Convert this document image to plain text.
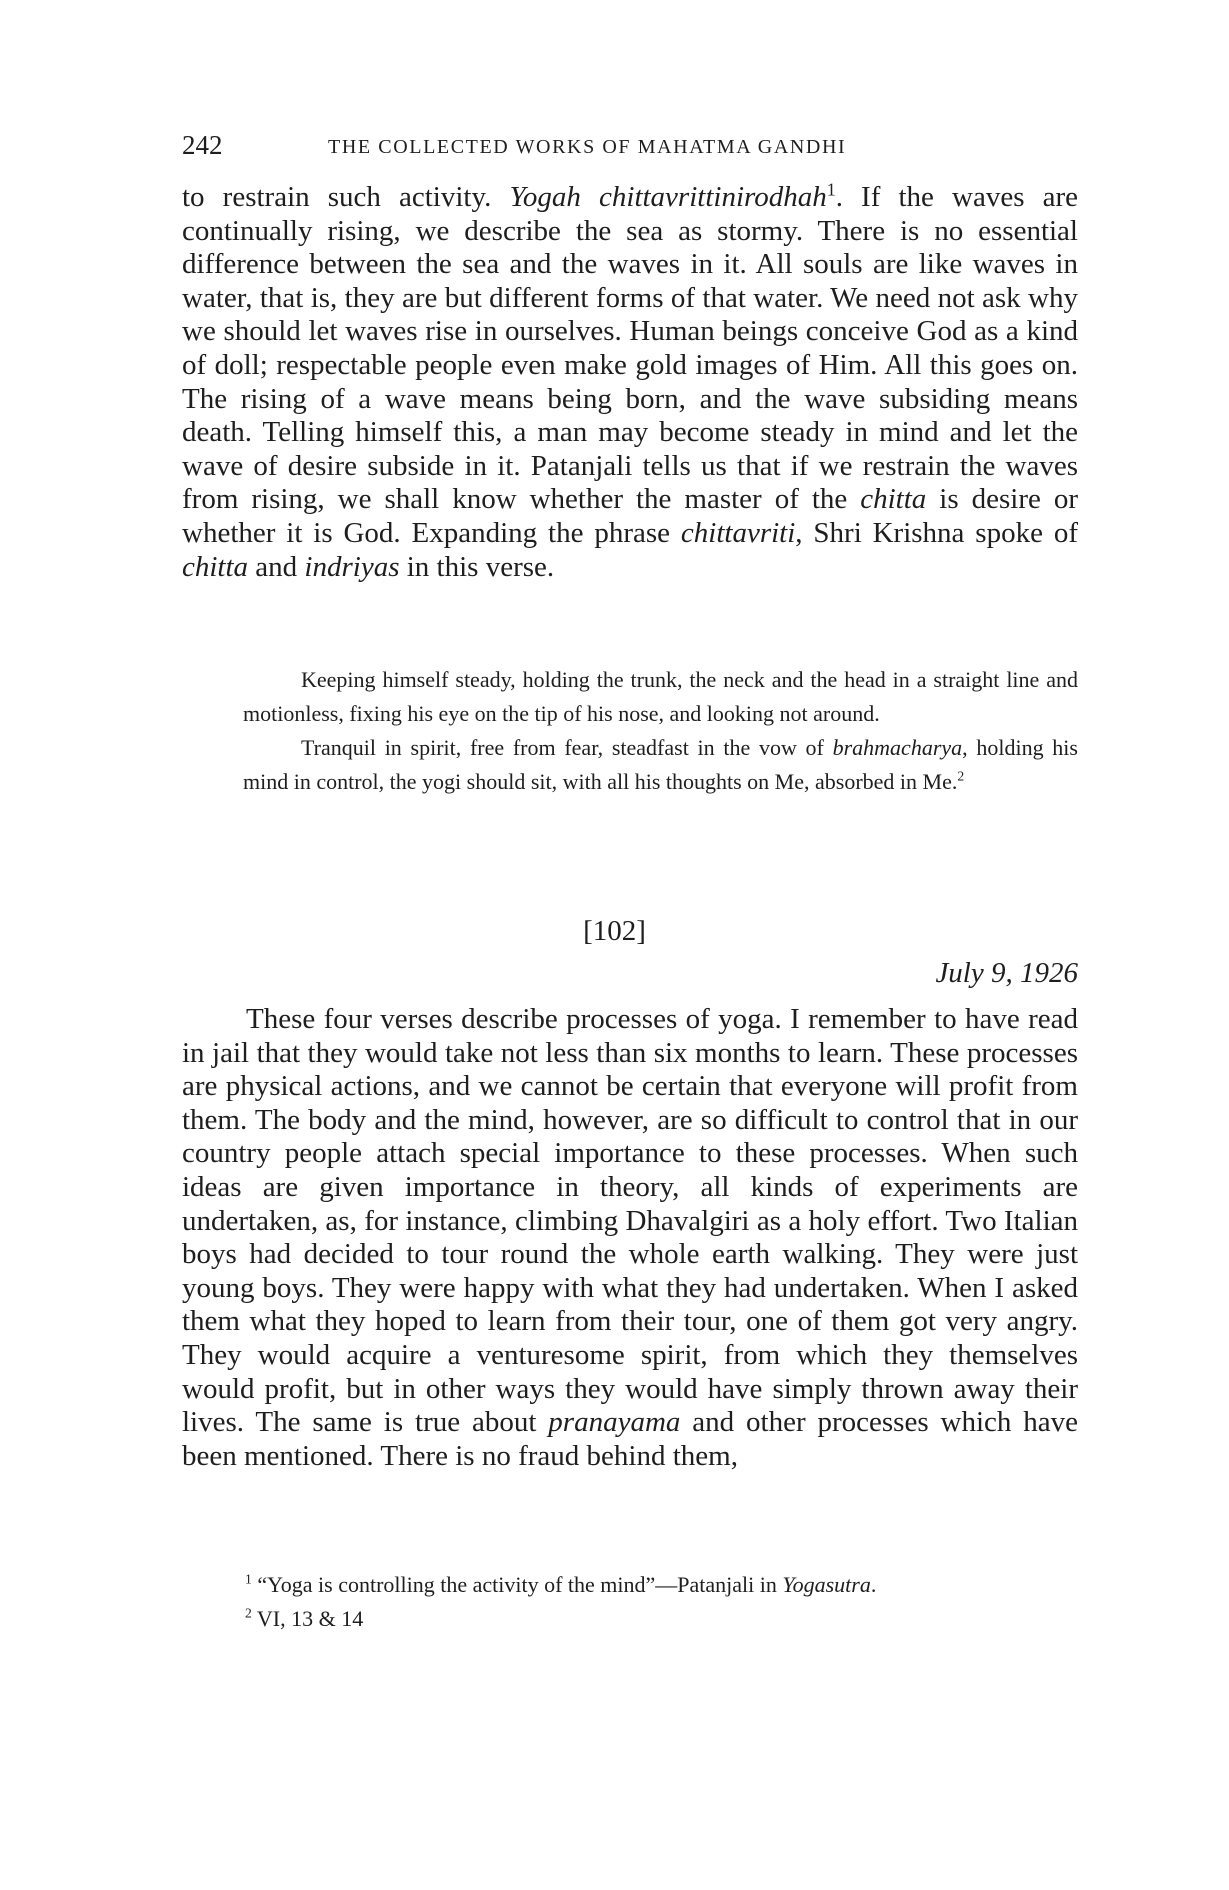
242	THE COLLECTED WORKS OF MAHATMA GANDHI

to restrain such activity. Yogah chittavrittinirodhah$^1$. If the waves are continually rising, we describe the sea as stormy. There is no essential difference between the sea and the waves in it. All souls are like waves in water, that is, they are but different forms of that water. We need not ask why we should let waves rise in ourselves. Human beings conceive God as a kind of doll; respectable people even make gold images of Him. All this goes on. The rising of a wave means being born, and the wave subsiding means death. Telling himself this, a man may become steady in mind and let the wave of desire subside in it. Patanjali tells us that if we restrain the waves from rising, we shall know whether the master of the chitta is desire or whether it is God. Expanding the phrase chittavriti, Shri Krishna spoke of chitta and indriyas in this verse.

Keeping himself steady, holding the trunk, the neck and the head in a straight line and motionless, fixing his eye on the tip of his nose, and looking not around.

Tranquil in spirit, free from fear, steadfast in the vow of brahmacharya, holding his mind in control, the yogi should sit, with all his thoughts on Me, absorbed in Me.$^2$

[102]
July 9, 1926

These four verses describe processes of yoga. I remember to have read in jail that they would take not less than six months to learn. These processes are physical actions, and we cannot be certain that everyone will profit from them. The body and the mind, however, are so difficult to control that in our country people attach special importance to these processes. When such ideas are given importance in theory, all kinds of experiments are undertaken, as, for instance, climbing Dhavalgiri as a holy effort. Two Italian boys had decided to tour round the whole earth walking. They were just young boys. They were happy with what they had undertaken. When I asked them what they hoped to learn from their tour, one of them got very angry. They would acquire a venturesome spirit, from which they themselves would profit, but in other ways they would have simply thrown away their lives. The same is true about pranayama and other processes which have been mentioned. There is no fraud behind them,

$^1$ “Yoga is controlling the activity of the mind”—Patanjali in Yogasutra.
$^2$ VI, 13 & 14
